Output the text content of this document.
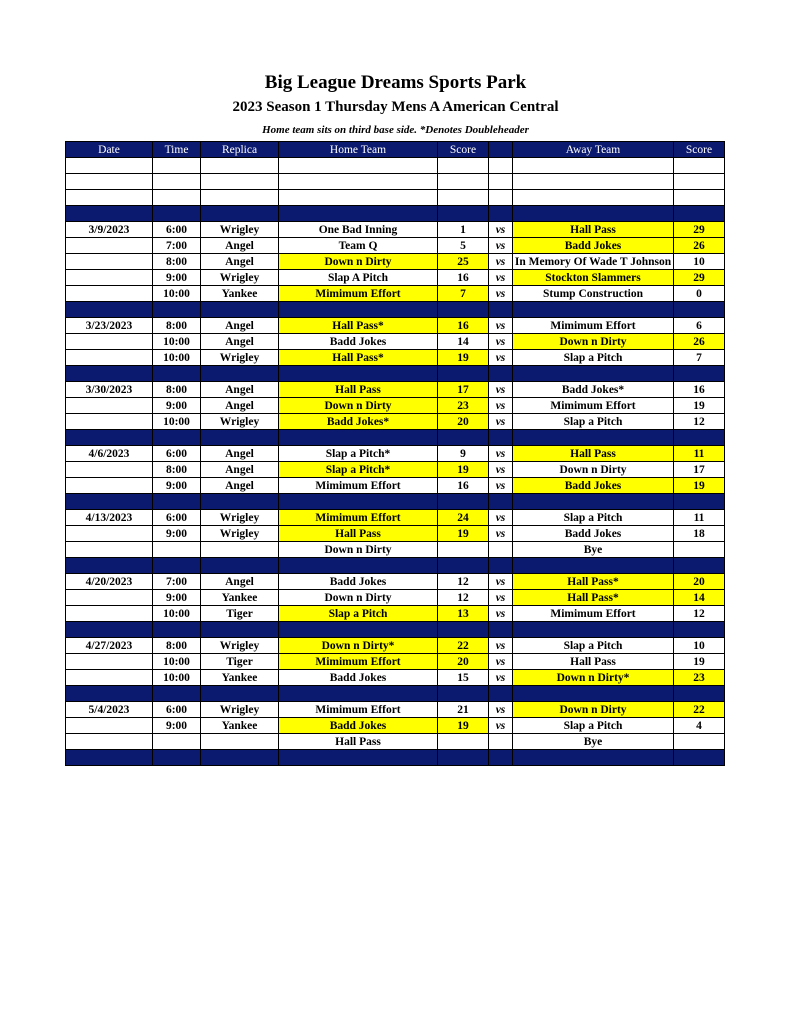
Big League Dreams Sports Park
2023 Season 1 Thursday Mens A American Central
Home team sits on third base side. *Denotes Doubleheader
Date	Time	Replica	Home Team	Score		Away Team	Score

3/9/2023	6:00	Wrigley	One Bad Inning	1	vs	Hall Pass	29
	7:00	Angel	Team Q	5	vs	Badd Jokes	26
	8:00	Angel	Down n Dirty	25	vs	In Memory Of Wade T Johnson	10
	9:00	Wrigley	Slap A Pitch	16	vs	Stockton Slammers	29
	10:00	Yankee	Mimimum Effort	7	vs	Stump Construction	0

3/23/2023	8:00	Angel	Hall Pass*	16	vs	Mimimum Effort	6
	10:00	Angel	Badd Jokes	14	vs	Down n Dirty	26
	10:00	Wrigley	Hall Pass*	19	vs	Slap a Pitch	7

3/30/2023	8:00	Angel	Hall Pass	17	vs	Badd Jokes*	16
	9:00	Angel	Down n Dirty	23	vs	Mimimum Effort	19
	10:00	Wrigley	Badd Jokes*	20	vs	Slap a Pitch	12

4/6/2023	6:00	Angel	Slap a Pitch*	9	vs	Hall Pass	11
	8:00	Angel	Slap a Pitch*	19	vs	Down n Dirty	17
	9:00	Angel	Mimimum Effort	16	vs	Badd Jokes	19

4/13/2023	6:00	Wrigley	Mimimum Effort	24	vs	Slap a Pitch	11
	9:00	Wrigley	Hall Pass	19	vs	Badd Jokes	18
			Down n Dirty			Bye	

4/20/2023	7:00	Angel	Badd Jokes	12	vs	Hall Pass*	20
	9:00	Yankee	Down n Dirty	12	vs	Hall Pass*	14
	10:00	Tiger	Slap a Pitch	13	vs	Mimimum Effort	12

4/27/2023	8:00	Wrigley	Down n Dirty*	22	vs	Slap a Pitch	10
	10:00	Tiger	Mimimum Effort	20	vs	Hall Pass	19
	10:00	Yankee	Badd Jokes	15	vs	Down n Dirty*	23

5/4/2023	6:00	Wrigley	Mimimum Effort	21	vs	Down n Dirty	22
	9:00	Yankee	Badd Jokes	19	vs	Slap a Pitch	4
			Hall Pass			Bye	
